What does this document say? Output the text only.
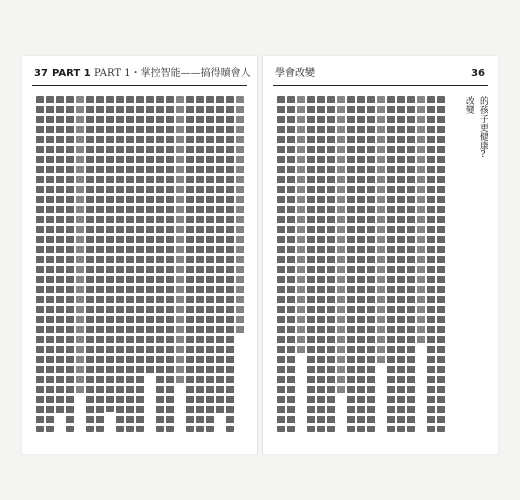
37 PART 1 PART 1・掌控智能——搞得贖會人 學會改變	36
的孩子更健康?
改變
